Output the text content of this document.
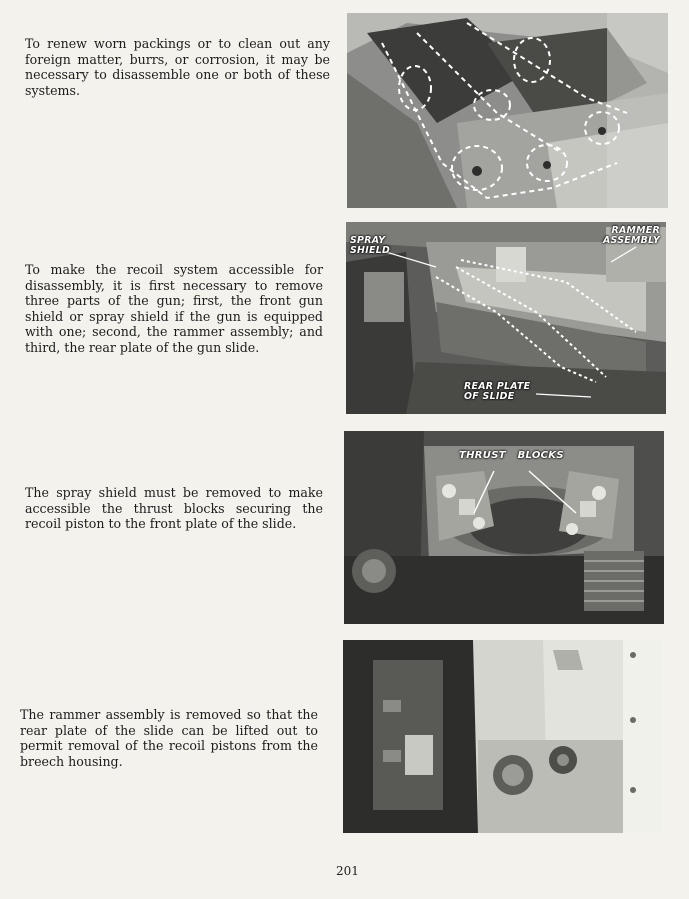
To renew worn packings or to clean out any foreign matter, burrs, or corrosion, it may be necessary to disassemble one or both of these systems.

To make the recoil system accessible for disassembly, it is first necessary to remove three parts of the gun; first, the front gun shield or spray shield if the gun is equipped with one; second, the rammer assembly; and third, the rear plate of the gun slide.

The spray shield must be removed to make accessible the thrust blocks securing the recoil piston to the front plate of the slide.

The rammer assembly is removed so that the rear plate of the slide can be lifted out to permit removal of the recoil pistons from the breech housing.

SPRAY
SHIELD
RAMMER
ASSEMBLY
REAR PLATE
OF SLIDE
THRUST BLOCKS

201
